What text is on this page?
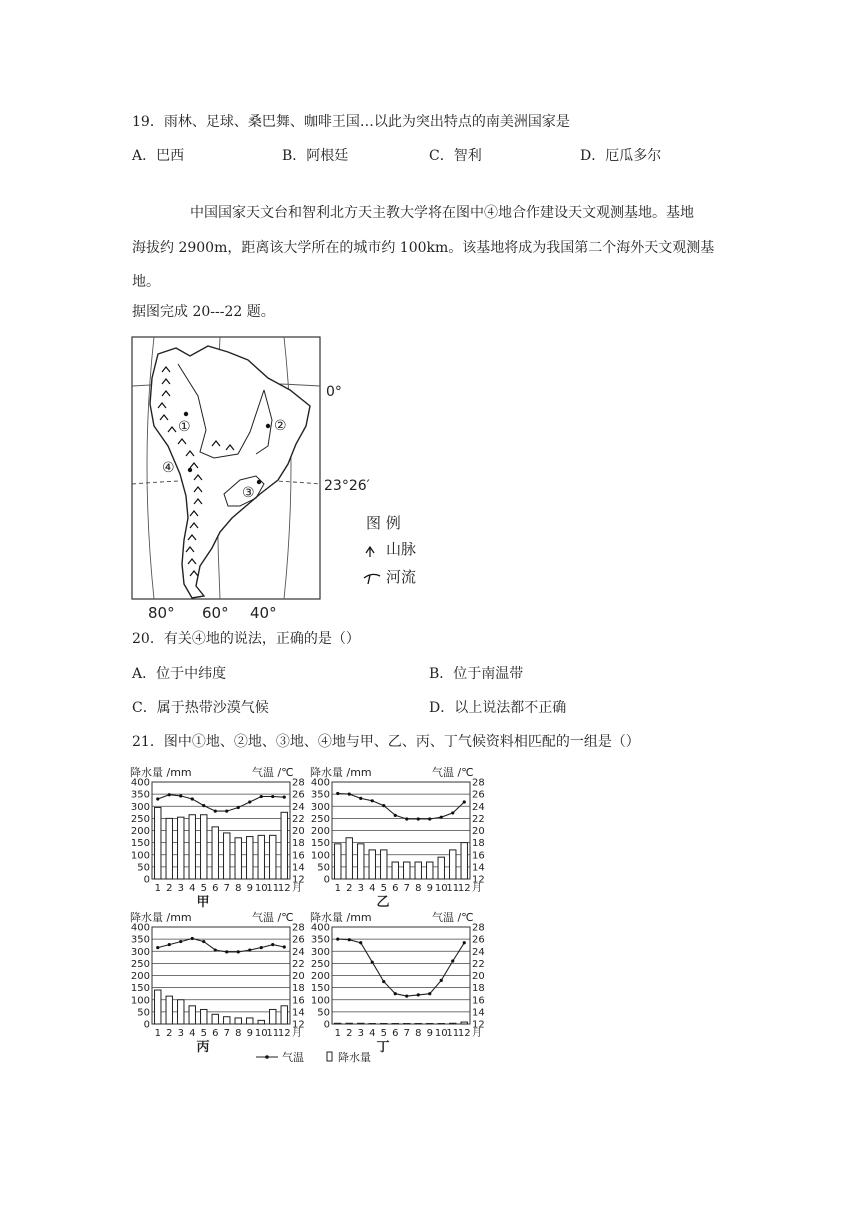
19．雨林、足球、桑巴舞、咖啡王国…以此为突出特点的南美洲国家是
A．巴西	B．阿根廷	C．智利	D．厄瓜多尔
中国国家天文台和智利北方天主教大学将在图中④地合作建设天文观测基地。基地
海拔约 2900m，距离该大学所在的城市约 100km。该基地将成为我国第二个海外天文观测基
地。
据图完成 20---22 题。
①	②
③
④
0°
23°26′
80° 60° 40°
图 例
山脉
河流
20．有关④地的说法，正确的是（）
A．位于中纬度	B．位于南温带
C．属于热带沙漠气候	D．以上说法都不正确
21．图中①地、②地、③地、④地与甲、乙、丙、丁气候资料相匹配的一组是（）
降水量 /mm	气温 /℃
0	12
50	14
100	16
150	18
200	20
250	22
300	24
350	26
400	28
1 2 3 4 5 6 7 8 9 10
11
12 月
甲
降水量 /mm	气温 /℃
0	12
50	14
100	16
150	18
200	20
250	22
300	24
350	26
400	28
1 2 3 4 5 6 7 8 9 10
11
12 月
乙
降水量 /mm	气温 /℃
0	12
50	14
100	16
150	18
200	20
250	22
300	24
350	26
400	28
1 2 3 4 5 6 7 8 9 10
11
12 月
丙
降水量 /mm	气温 /℃
0	12
50	14
100	16
150	18
200	20
250	22
300	24
350	26
400	28
1 2 3 4 5 6 7 8 9 10
11
12 月
丁
气温	降水量
